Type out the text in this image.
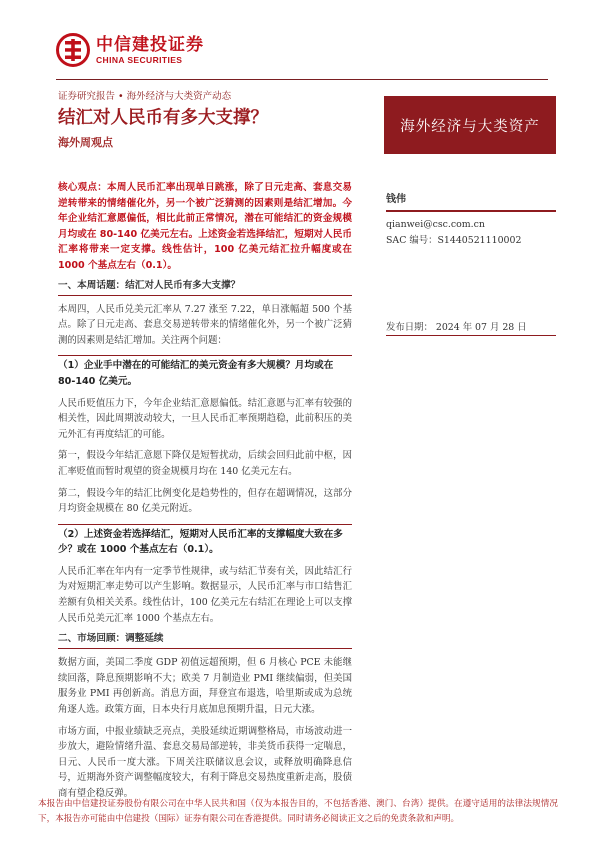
中信建投证券
CHINA SECURITIES
证券研究报告 • 海外经济与大类资产动态
结汇对人民币有多大支撑？
海外周观点
海外经济与大类资产

核心观点：本周人民币汇率出现单日跳涨，除了日元走高、套息交易逆转带来的情绪催化外，另一个被广泛猜测的因素则是结汇增加。今年企业结汇意愿偏低，相比此前正常情况，潜在可能结汇的资金规模月均或在 80-140 亿美元左右。上述资金若选择结汇，短期对人民币汇率将带来一定支撑。线性估计，100 亿美元结汇拉升幅度或在 1000 个基点左右（0.1）。

一、本周话题：结汇对人民币有多大支撑？

本周四，人民币兑美元汇率从 7.27 涨至 7.22，单日涨幅超 500 个基点。除了日元走高、套息交易逆转带来的情绪催化外，另一个被广泛猜测的因素则是结汇增加。关注两个问题：

（1）企业手中潜在的可能结汇的美元资金有多大规模？月均或在 80-140 亿美元。

人民币贬值压力下，今年企业结汇意愿偏低。结汇意愿与汇率有较强的相关性，因此周期波动较大，一旦人民币汇率预期趋稳，此前积压的美元外汇有再度结汇的可能。

第一，假设今年结汇意愿下降仅是短暂扰动，后续会回归此前中枢，因汇率贬值而暂时观望的资金规模月均在 140 亿美元左右。

第二，假设今年的结汇比例变化是趋势性的，但存在超调情况，这部分月均资金规模在 80 亿美元附近。

（2）上述资金若选择结汇，短期对人民币汇率的支撑幅度大致在多少？或在 1000 个基点左右（0.1）。

人民币汇率在年内有一定季节性规律，或与结汇节奏有关，因此结汇行为对短期汇率走势可以产生影响。数据显示，人民币汇率与市口结售汇差额有负相关关系。线性估计，100 亿美元左右结汇在理论上可以支撑人民币兑美元汇率 1000 个基点左右。

二、市场回顾：调整延续

数据方面，美国二季度 GDP 初值远超预期，但 6 月核心 PCE 未能继续回落，降息预期影响不大；欧美 7 月制造业 PMI 继续偏弱，但美国服务业 PMI 再创新高。消息方面，拜登宣布退选，哈里斯或成为总统角逐人选。政策方面，日本央行月底加息预期升温，日元大涨。

市场方面，中报业绩缺乏亮点，美股延续近期调整格局，市场波动进一步放大，避险情绪升温、套息交易局部逆转，非美货币获得一定喘息，日元、人民币一度大涨。下周关注联储议息会议，或释放明确降息信号，近期海外资产调整幅度较大，有利于降息交易热度重新走高，股债商有望企稳反弹。

钱伟
qianwei@csc.com.cn
SAC 编号：S1440521110002
发布日期： 2024 年 07 月 28 日

本报告由中信建投证券股份有限公司在中华人民共和国（仅为本报告目的，不包括香港、澳门、台湾）提供。在遵守适用的法律法规情况下，本报告亦可能由中信建投（国际）证券有限公司在香港提供。同时请务必阅读正文之后的免责条款和声明。
